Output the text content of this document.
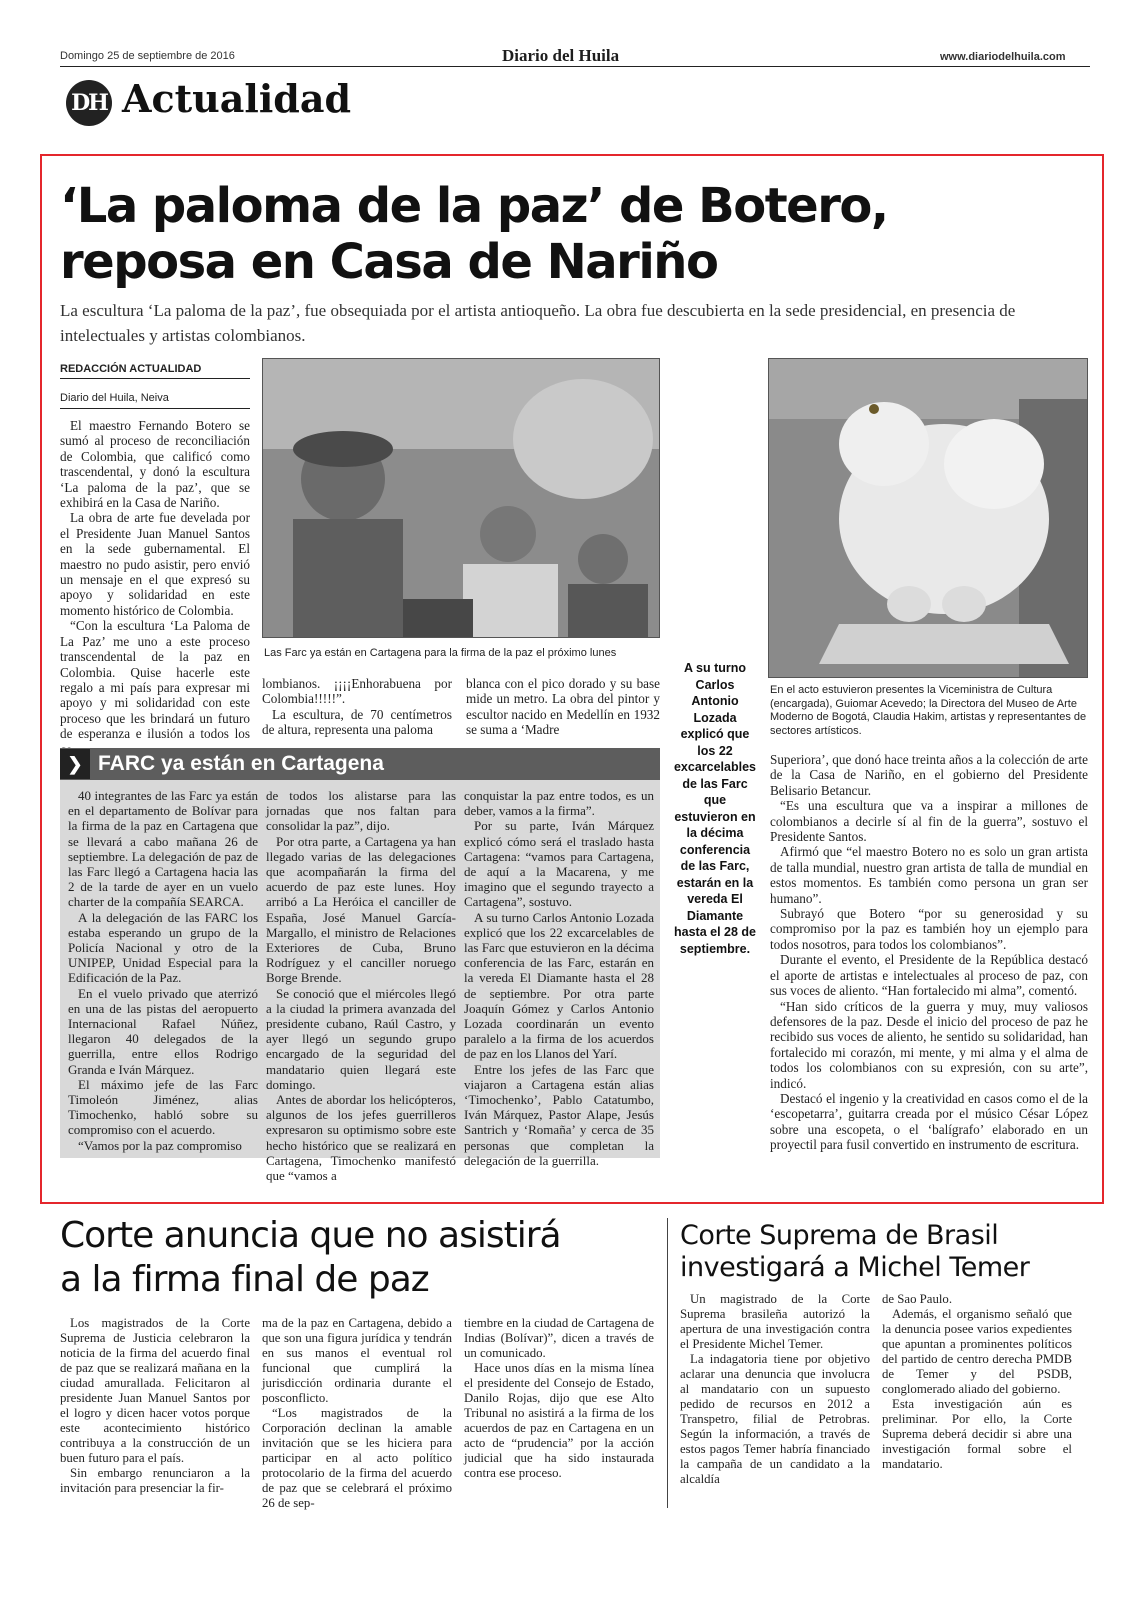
Domingo 25 de septiembre de 2016	Diario del Huila	www.diariodelhuila.com
DH Actualidad
‘La paloma de la paz’ de Botero,
reposa en Casa de Nariño
La escultura ‘La paloma de la paz’, fue obsequiada por el artista antioqueño. La obra fue descubierta en la sede presidencial, en presencia de intelectuales y artistas colombianos.
REDACCIÓN ACTUALIDAD
Diario del Huila, Neiva

El maestro Fernando Botero se sumó al proceso de reconciliación de Colombia, que calificó como trascendental, y donó la escultura ‘La paloma de la paz’, que se exhibirá en la Casa de Nariño.

La obra de arte fue develada por el Presidente Juan Manuel Santos en la sede gubernamental. El maestro no pudo asistir, pero envió un mensaje en el que expresó su apoyo y solidaridad en este momento histórico de Colombia.

“Con la escultura ‘La Paloma de La Paz’ me uno a este proceso transcendental de la paz en Colombia. Quise hacerle este regalo a mi país para expresar mi apoyo y mi solidaridad con este proceso que les brindará un futuro de esperanza e ilusión a todos los

Las Farc ya están en Cartagena para la firma de la paz el próximo lunes

lombianos. ¡¡¡¡Enhorabuena por Colombia!!!!!”.

La escultura, de 70 centímetros de altura, representa una paloma

blanca con el pico dorado y su base mide un metro. La obra del pintor y escultor nacido en Medellín en 1932 se suma a ‘Madre

❯ FARC ya están en Cartagena

40 integrantes de las Farc ya están en el departamento de Bolívar para la firma de la paz en Cartagena que se llevará a cabo mañana 26 de septiembre. La delegación de paz de las Farc llegó a Cartagena hacia las 2 de la tarde de ayer en un vuelo charter de la compañía SEARCA.

A la delegación de las FARC los estaba esperando un grupo de la Policía Nacional y otro de la UNIPEP, Unidad Especial para la Edificación de la Paz.

En el vuelo privado que aterrizó en una de las pistas del aeropuerto Internacional Rafael Núñez, llegaron 40 delegados de la guerrilla, entre ellos Rodrigo Granda e Iván Márquez.

El máximo jefe de las Farc Timoleón Jiménez, alias Timochenko, habló sobre su compromiso con el acuerdo.

“Vamos por la paz compromiso

de todos los alistarse para las jornadas que nos faltan para consolidar la paz”, dijo.

Por otra parte, a Cartagena ya han llegado varias de las delegaciones que acompañarán la firma del acuerdo de paz este lunes. Hoy arribó a La Heróica el canciller de España, José Manuel García-Margallo, el ministro de Relaciones Exteriores de Cuba, Bruno Rodríguez y el canciller noruego Borge Brende.

Se conoció que el miércoles llegó a la ciudad la primera avanzada del presidente cubano, Raúl Castro, y ayer llegó un segundo grupo encargado de la seguridad del mandatario quien llegará este domingo.

Antes de abordar los helicópteros, algunos de los jefes guerrilleros expresaron su optimismo sobre este hecho histórico que se realizará en Cartagena, Timochenko manifestó que “vamos a

conquistar la paz entre todos, es un deber, vamos a la firma”.

Por su parte, Iván Márquez explicó cómo será el traslado hasta Cartagena: “vamos para Cartagena, de aquí a la Macarena, y me imagino que el segundo trayecto a Cartagena”, sostuvo.

A su turno Carlos Antonio Lozada explicó que los 22 excarcelables de las Farc que estuvieron en la décima conferencia de las Farc, estarán en la vereda El Diamante hasta el 28 de septiembre. Por otra parte Joaquín Gómez y Carlos Antonio Lozada coordinarán un evento paralelo a la firma de los acuerdos de paz en los Llanos del Yarí.

Entre los jefes de las Farc que viajaron a Cartagena están alias ‘Timochenko’, Pablo Catatumbo, Iván Márquez, Pastor Alape, Jesús Santrich y ‘Romaña’ y cerca de 35 personas que completan la delegación de la guerrilla.

A su turno Carlos Antonio Lozada explicó que los 22 excarcelables de las Farc que estuvieron en la décima conferencia de las Farc, estarán en la vereda El Diamante hasta el 28 de septiembre.
En el acto estuvieron presentes la Viceministra de Cultura (encargada), Guiomar Acevedo; la Directora del Museo de Arte Moderno de Bogotá, Claudia Hakim, artistas y representantes de sectores artísticos.

Superiora’, que donó hace treinta años a la colección de arte de la Casa de Nariño, en el gobierno del Presidente Belisario Betancur.

“Es una escultura que va a inspirar a millones de colombianos a decirle sí al fin de la guerra”, sostuvo el Presidente Santos.

Afirmó que “el maestro Botero no es solo un gran artista de talla mundial, nuestro gran artista de talla de mundial en estos momentos. Es también como persona un gran ser humano”.

Subrayó que Botero “por su generosidad y su compromiso por la paz es también hoy un ejemplo para todos nosotros, para todos los colombianos”.

Durante el evento, el Presidente de la República destacó el aporte de artistas e intelectuales al proceso de paz, con sus voces de aliento. “Han fortalecido mi alma”, comentó.

“Han sido críticos de la guerra y muy, muy valiosos defensores de la paz. Desde el inicio del proceso de paz he recibido sus voces de aliento, he sentido su solidaridad, han fortalecido mi corazón, mi mente, y mi alma y el alma de todos los colombianos con su expresión, con su arte”, indicó.

Destacó el ingenio y la creatividad en casos como el de la ‘escopetarra’, guitarra creada por el músico César López sobre una escopeta, o el ‘balígrafo’ elaborado en un proyectil para fusil convertido en instrumento de escritura.

Corte anuncia que no asistirá
a la firma final de paz

Los magistrados de la Corte Suprema de Justicia celebraron la noticia de la firma del acuerdo final de paz que se realizará mañana en la ciudad amurallada. Felicitaron al presidente Juan Manuel Santos por el logro y dicen hacer votos porque este acontecimiento histórico contribuya a la construcción de un buen futuro para el país.

Sin embargo renunciaron a la invitación para presenciar la fir-

ma de la paz en Cartagena, debido a que son una figura jurídica y tendrán en sus manos el eventual rol funcional que cumplirá la jurisdicción ordinaria durante el posconflicto.

“Los magistrados de la Corporación declinan la amable invitación que se les hiciera para participar en al acto político protocolario de la firma del acuerdo de paz que se celebrará el próximo 26 de sep-

tiembre en la ciudad de Cartagena de Indias (Bolívar)”, dicen a través de un comunicado.

Hace unos días en la misma línea el presidente del Consejo de Estado, Danilo Rojas, dijo que ese Alto Tribunal no asistirá a la firma de los acuerdos de paz en Cartagena en un acto de “prudencia” por la acción judicial que ha sido instaurada contra ese proceso.

Corte Suprema de Brasil
investigará a Michel Temer

Un magistrado de la Corte Suprema brasileña autorizó la apertura de una investigación contra el Presidente Michel Temer.

La indagatoria tiene por objetivo aclarar una denuncia que involucra al mandatario con un supuesto pedido de recursos en 2012 a Transpetro, filial de Petrobras. Según la información, a través de estos pagos Temer habría financiado la campaña de un candidato a la alcaldía

de Sao Paulo.

Además, el organismo señaló que la denuncia posee varios expedientes que apuntan a prominentes políticos del partido de centro derecha PMDB de Temer y del PSDB, conglomerado aliado del gobierno.

Esta investigación aún es preliminar. Por ello, la Corte Suprema deberá decidir si abre una investigación formal sobre el mandatario.
